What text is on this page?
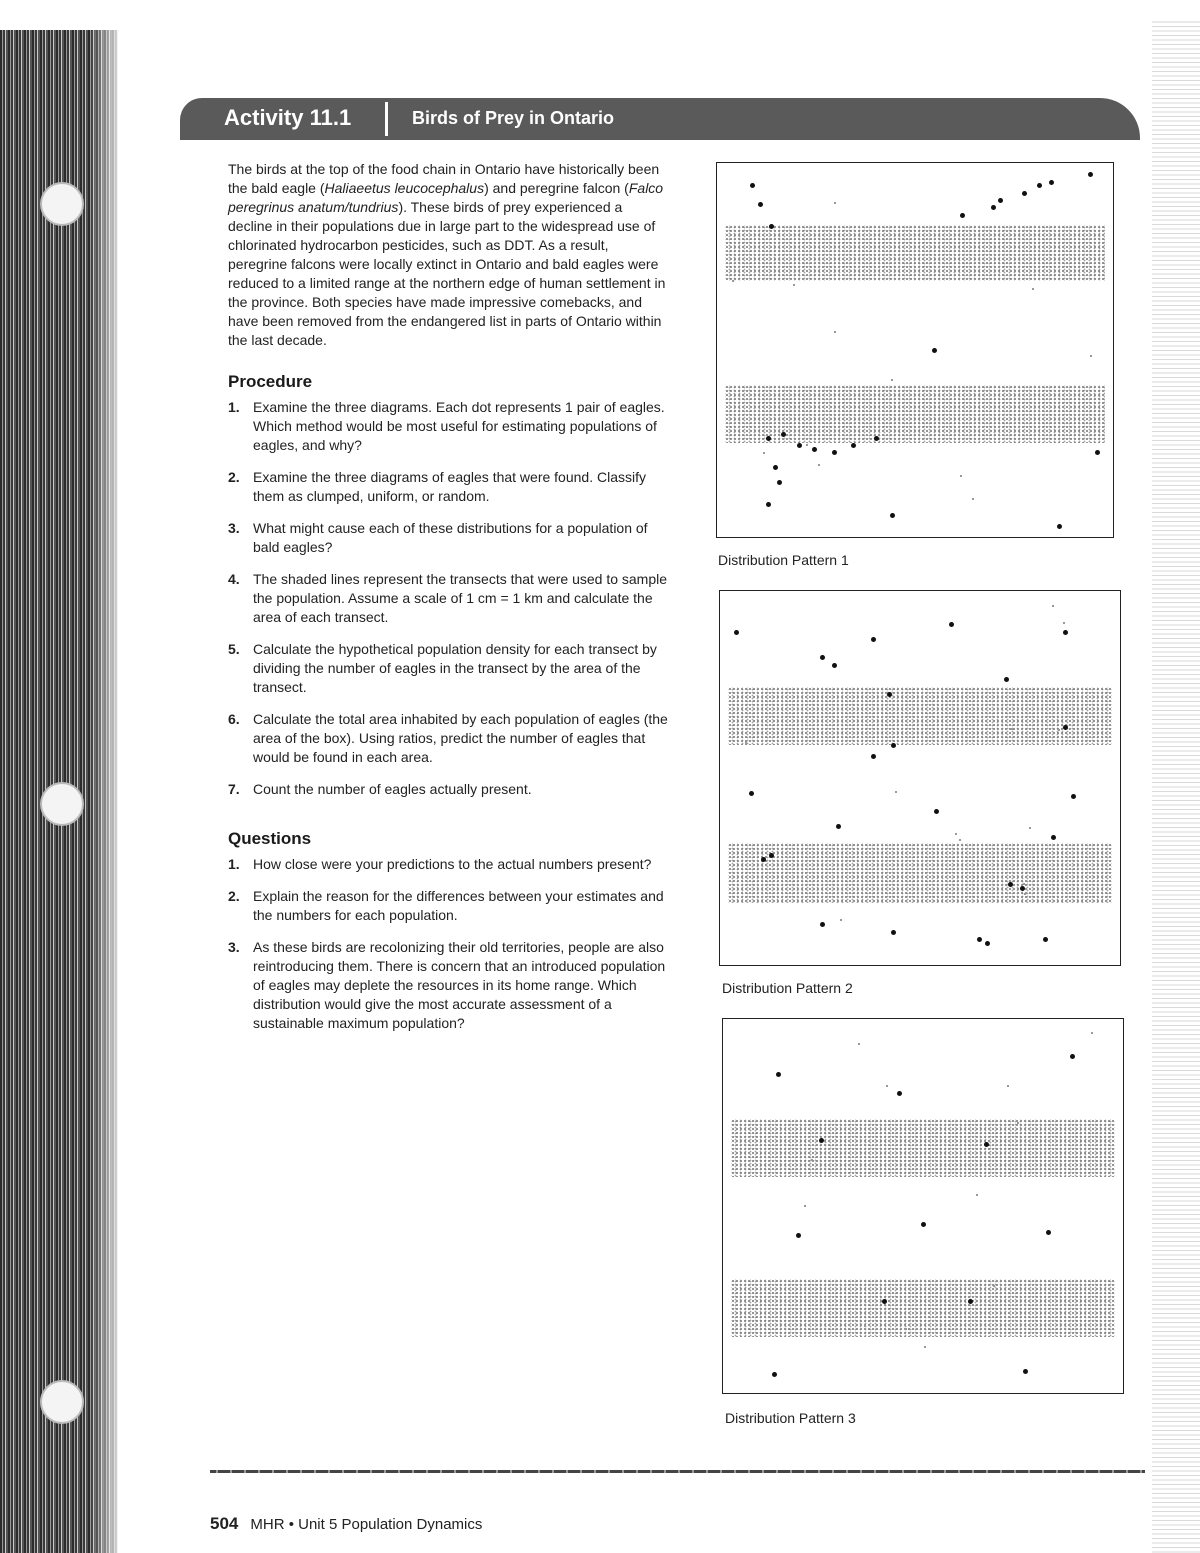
Activity 11.1	Birds of Prey in Ontario

The birds at the top of the food chain in Ontario have historically been the bald eagle (Haliaeetus leucocephalus) and peregrine falcon (Falco peregrinus anatum/tundrius). These birds of prey experienced a decline in their populations due in large part to the widespread use of chlorinated hydrocarbon pesticides, such as DDT. As a result, peregrine falcons were locally extinct in Ontario and bald eagles were reduced to a limited range at the northern edge of human settlement in the province. Both species have made impressive comebacks, and have been removed from the endangered list in parts of Ontario within the last decade.

Procedure
1. Examine the three diagrams. Each dot represents 1 pair of eagles. Which method would be most useful for estimating populations of eagles, and why?
2. Examine the three diagrams of eagles that were found. Classify them as clumped, uniform, or random.
3. What might cause each of these distributions for a population of bald eagles?
4. The shaded lines represent the transects that were used to sample the population. Assume a scale of 1 cm = 1 km and calculate the area of each transect.
5. Calculate the hypothetical population density for each transect by dividing the number of eagles in the transect by the area of the transect.
6. Calculate the total area inhabited by each population of eagles (the area of the box). Using ratios, predict the number of eagles that would be found in each area.
7. Count the number of eagles actually present.
Questions
1. How close were your predictions to the actual numbers present?
2. Explain the reason for the differences between your estimates and the numbers for each population.
3. As these birds are recolonizing their old territories, people are also reintroducing them. There is concern that an introduced population of eagles may deplete the resources in its home range. Which distribution would give the most accurate assessment of a sustainable maximum population?
Distribution Pattern 1
Distribution Pattern 2
Distribution Pattern 3
504 MHR • Unit 5 Population Dynamics
